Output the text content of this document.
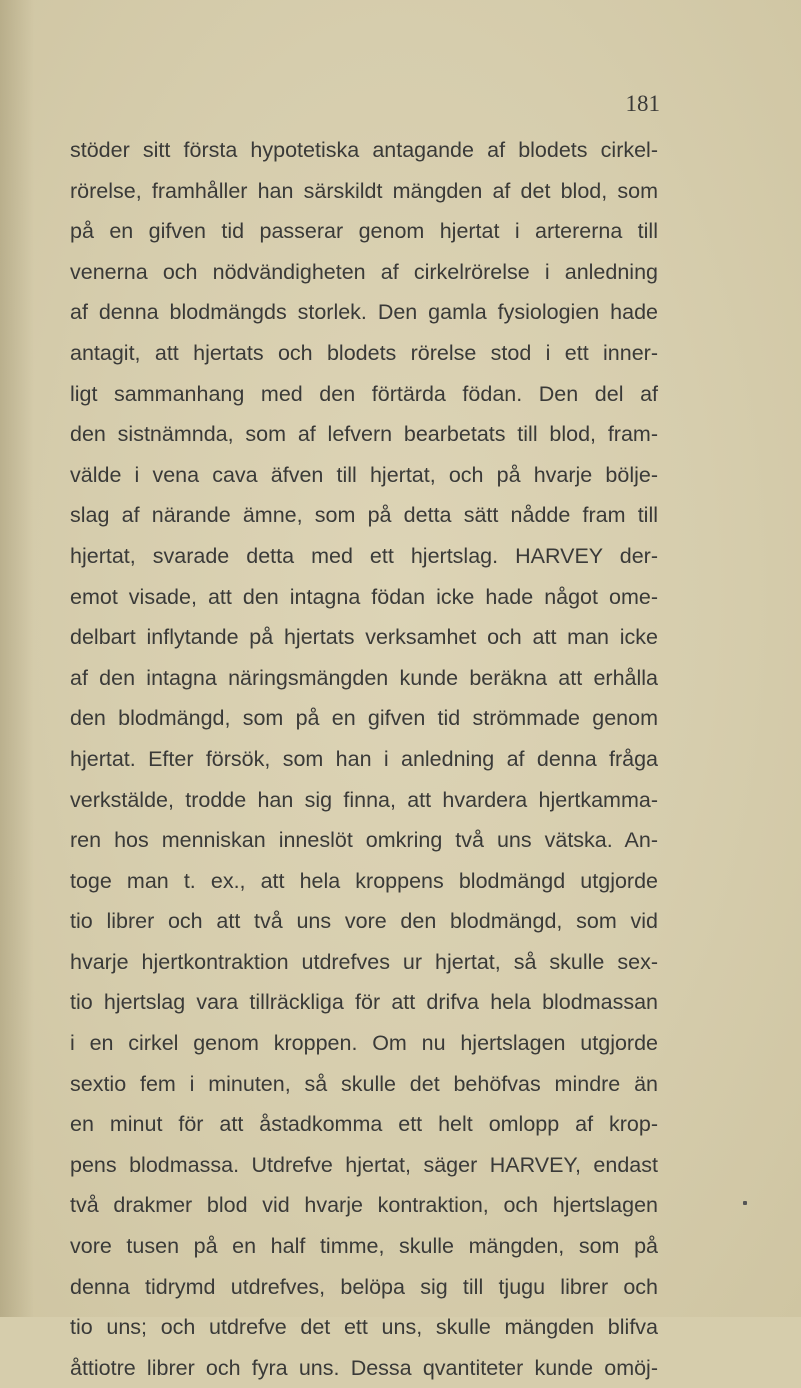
181
stöder sitt första hypotetiska antagande af blodets cirkel-
rörelse, framhåller han särskildt mängden af det blod, som
på en gifven tid passerar genom hjertat i artererna till
venerna och nödvändigheten af cirkelrörelse i anledning
af denna blodmängds storlek. Den gamla fysiologien hade
antagit, att hjertats och blodets rörelse stod i ett inner-
ligt sammanhang med den förtärda födan. Den del af
den sistnämnda, som af lefvern bearbetats till blod, fram-
välde i vena cava äfven till hjertat, och på hvarje bölje-
slag af närande ämne, som på detta sätt nådde fram till
hjertat, svarade detta med ett hjertslag. HARVEY der-
emot visade, att den intagna födan icke hade något ome-
delbart inflytande på hjertats verksamhet och att man icke
af den intagna näringsmängden kunde beräkna att erhålla
den blodmängd, som på en gifven tid strömmade genom
hjertat. Efter försök, som han i anledning af denna fråga
verkstälde, trodde han sig finna, att hvardera hjertkamma-
ren hos menniskan inneslöt omkring två uns vätska. An-
toge man t. ex., att hela kroppens blodmängd utgjorde
tio librer och att två uns vore den blodmängd, som vid
hvarje hjertkontraktion utdrefves ur hjertat, så skulle sex-
tio hjertslag vara tillräckliga för att drifva hela blodmassan
i en cirkel genom kroppen. Om nu hjertslagen utgjorde
sextio fem i minuten, så skulle det behöfvas mindre än
en minut för att åstadkomma ett helt omlopp af krop-
pens blodmassa. Utdrefve hjertat, säger HARVEY, endast
två drakmer blod vid hvarje kontraktion, och hjertslagen
vore tusen på en half timme, skulle mängden, som på
denna tidrymd utdrefves, belöpa sig till tjugu librer och
tio uns; och utdrefve det ett uns, skulle mängden blifva
åttiotre librer och fyra uns. Dessa qvantiteter kunde omöj-
